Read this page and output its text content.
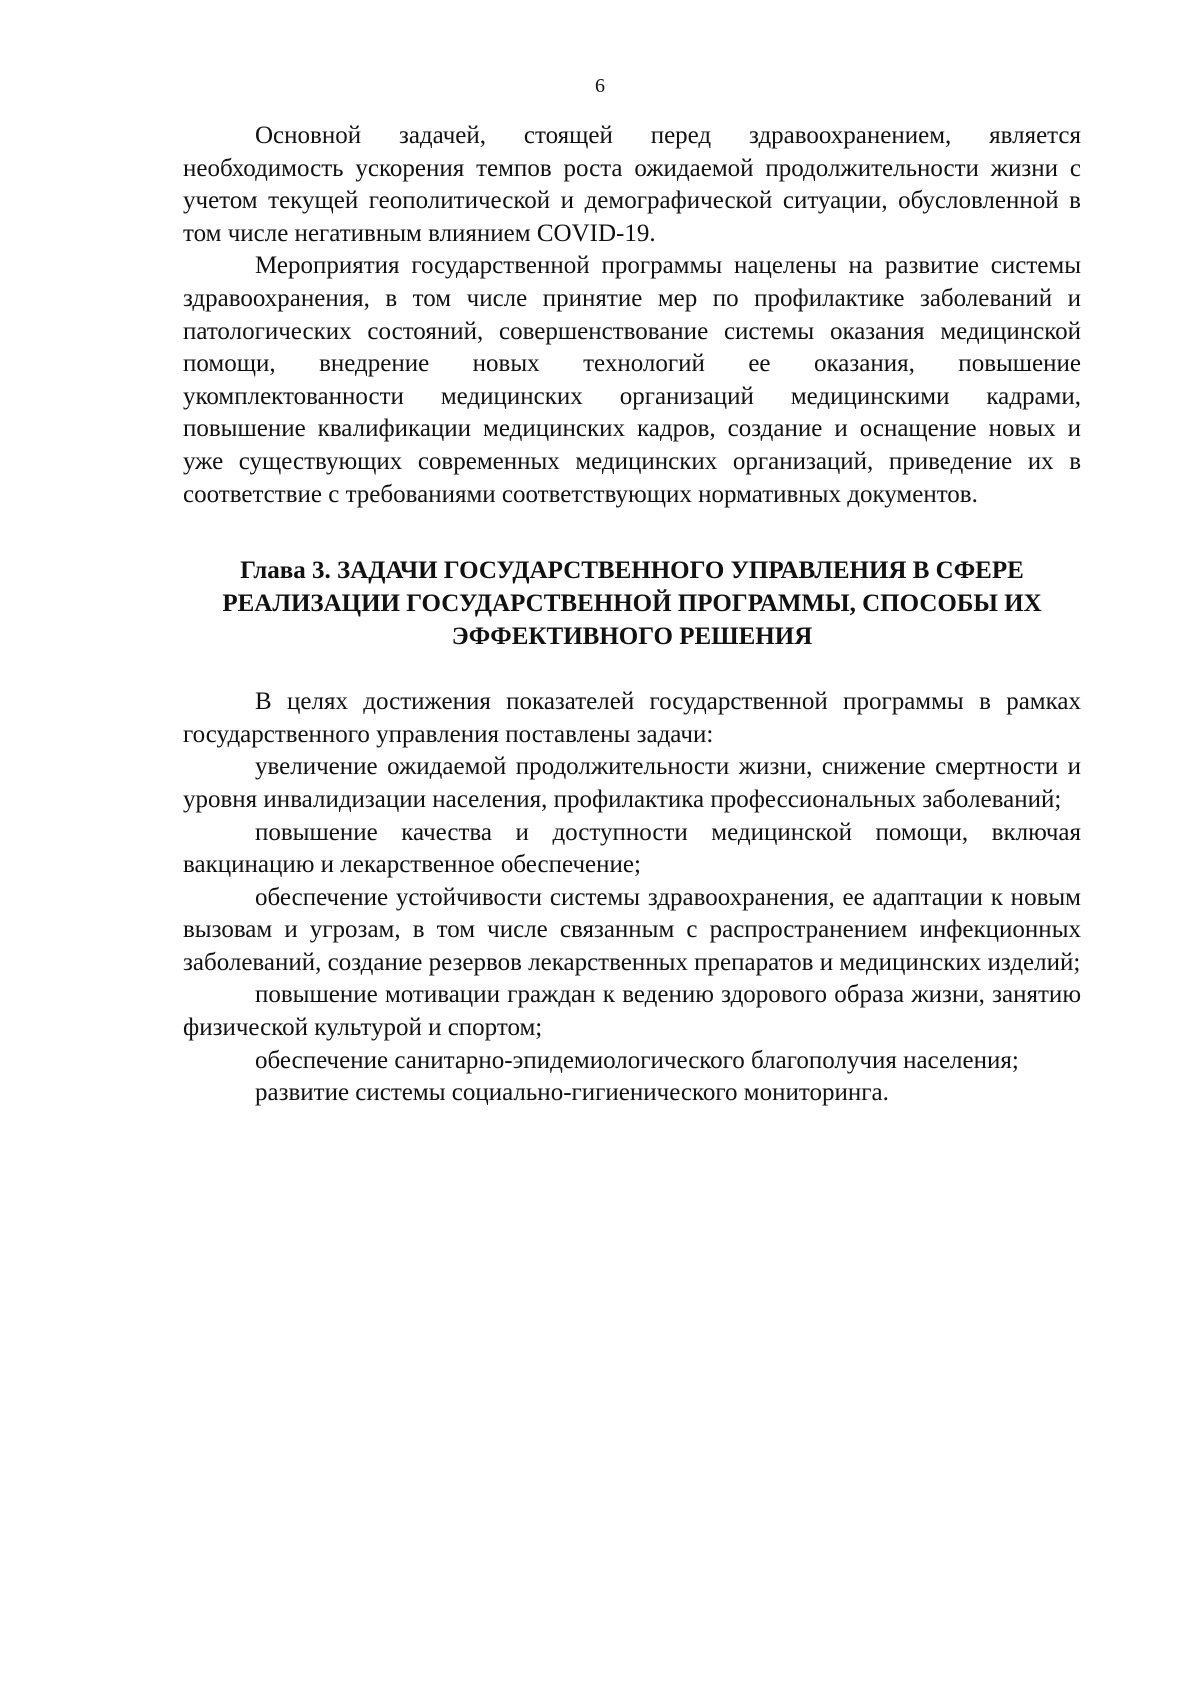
6

Основной задачей, стоящей перед здравоохранением, является необходимость ускорения темпов роста ожидаемой продолжительности жизни с учетом текущей геополитической и демографической ситуации, обусловленной в том числе негативным влиянием COVID-19.

Мероприятия государственной программы нацелены на развитие системы здравоохранения, в том числе принятие мер по профилактике заболеваний и патологических состояний, совершенствование системы оказания медицинской помощи, внедрение новых технологий ее оказания, повышение укомплектованности медицинских организаций медицинскими кадрами, повышение квалификации медицинских кадров, создание и оснащение новых и уже существующих современных медицинских организаций, приведение их в соответствие с требованиями соответствующих нормативных документов.

Глава 3. ЗАДАЧИ ГОСУДАРСТВЕННОГО УПРАВЛЕНИЯ В СФЕРЕ
РЕАЛИЗАЦИИ ГОСУДАРСТВЕННОЙ ПРОГРАММЫ, СПОСОБЫ ИХ
ЭФФЕКТИВНОГО РЕШЕНИЯ

В целях достижения показателей государственной программы в рамках государственного управления поставлены задачи:

увеличение ожидаемой продолжительности жизни, снижение смертности и уровня инвалидизации населения, профилактика профессиональных заболеваний;

повышение качества и доступности медицинской помощи, включая вакцинацию и лекарственное обеспечение;

обеспечение устойчивости системы здравоохранения, ее адаптации к новым вызовам и угрозам, в том числе связанным с распространением инфекционных заболеваний, создание резервов лекарственных препаратов и медицинских изделий;

повышение мотивации граждан к ведению здорового образа жизни, занятию физической культурой и спортом;

обеспечение санитарно-эпидемиологического благополучия населения;

развитие системы социально-гигиенического мониторинга.
